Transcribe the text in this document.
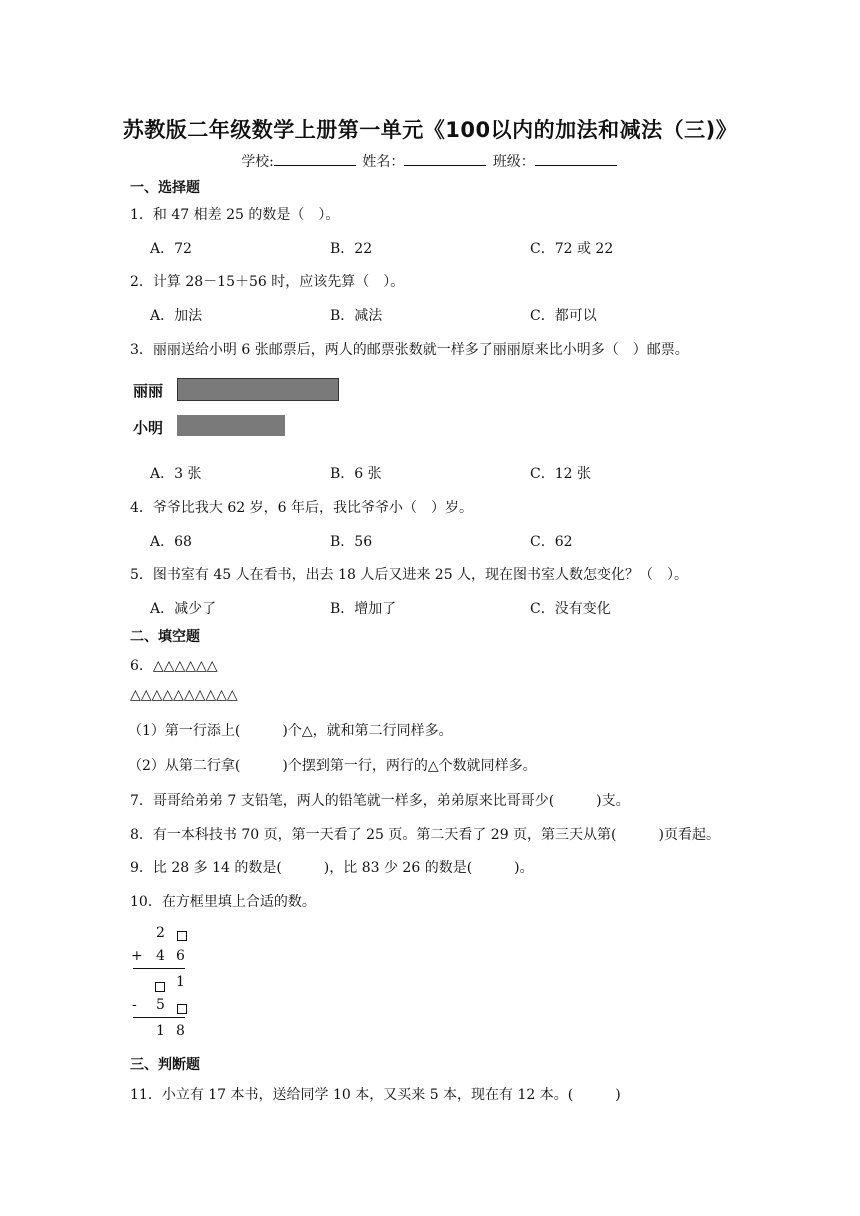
苏教版二年级数学上册第一单元《100以内的加法和减法（三)》
学校:	姓名：	班级：
一、选择题
1．和 47 相差 25 的数是（　）。
A．72	B．22	C．72 或 22
2．计算 28－15＋56 时，应该先算（　）。
A．加法	B．减法	C．都可以
3．丽丽送给小明 6 张邮票后，两人的邮票张数就一样多了丽丽原来比小明多（　）邮票。
丽丽
小明
A．3 张	B．6 张	C．12 张
4．爷爷比我大 62 岁，6 年后，我比爷爷小（　）岁。
A．68	B．56	C．62
5．图书室有 45 人在看书，出去 18 人后又进来 25 人，现在图书室人数怎变化？（　）。
A．减少了	B．增加了	C．没有变化
二、填空题
6．△△△△△△
△△△△△△△△△△
（1）第一行添上(　　　)个△，就和第二行同样多。
（2）从第二行拿(　　　)个摆到第一行，两行的△个数就同样多。
7．哥哥给弟弟 7 支铅笔，两人的铅笔就一样多，弟弟原来比哥哥少(　　　)支。
8．有一本科技书 70 页，第一天看了 25 页。第二天看了 29 页，第三天从第(　　　)页看起。
9．比 28 多 14 的数是(　　　)，比 83 少 26 的数是(　　　)。
10．在方框里填上合适的数。
2
+ 4 6
1
- 5
1 8
三、判断题
11．小立有 17 本书，送给同学 10 本，又买来 5 本，现在有 12 本。(　　　)
